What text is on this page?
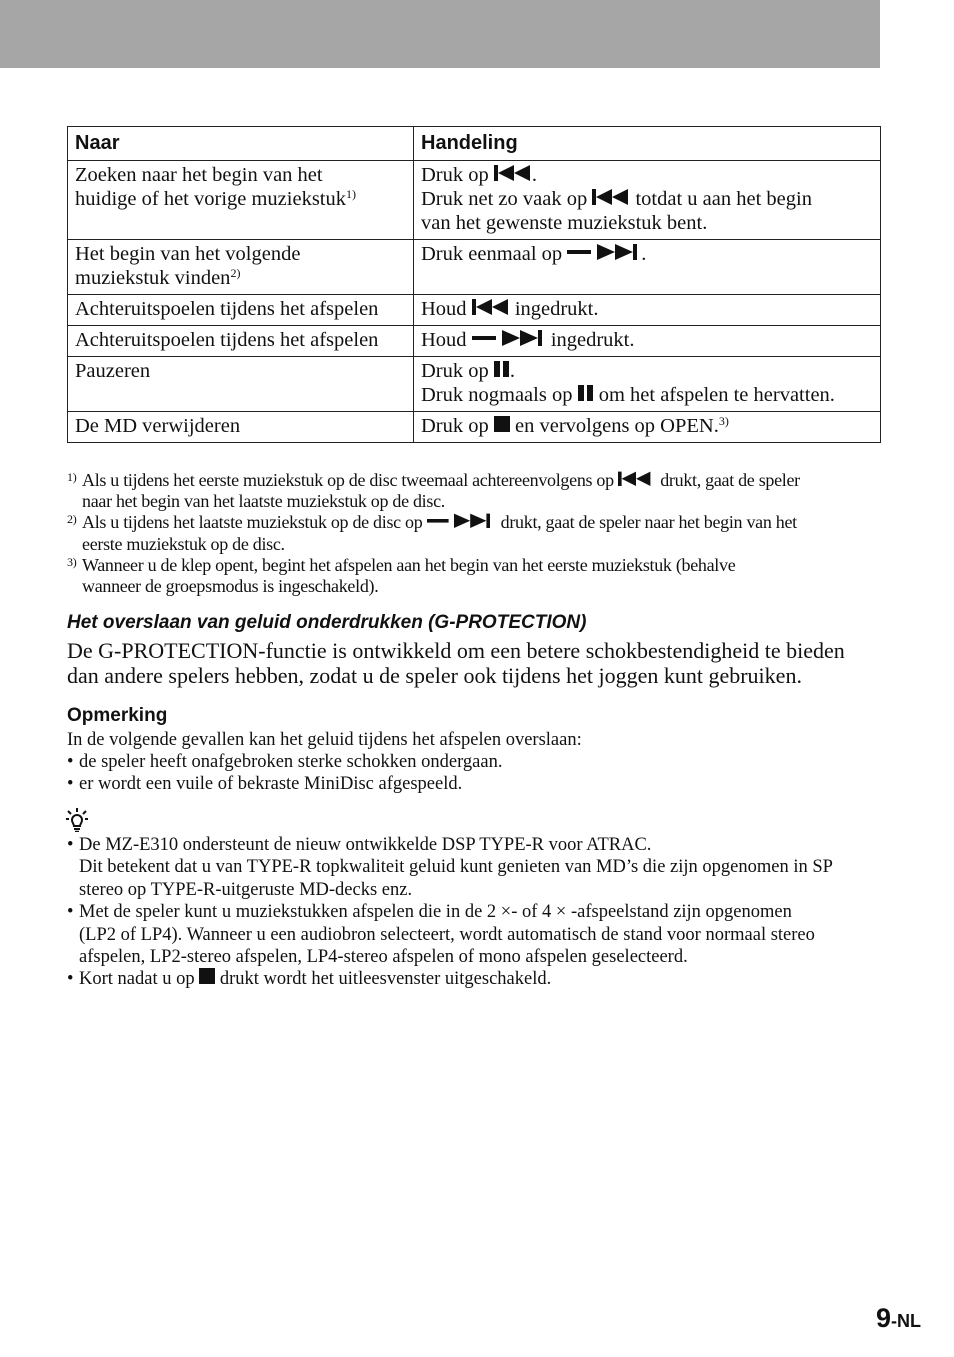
Naar	Handeling

Zoeken naar het begin van het
huidige of het vorige muziekstuk$^{1)}$	Druk op .
Druk net zo vaak op totdat u aan het begin
van het gewenste muziekstuk bent.

Het begin van het volgende
muziekstuk vinden$^{2)}$	Druk eenmaal op .

Achteruitspoelen tijdens het afspelen	Houd ingedrukt.
Achteruitspoelen tijdens het afspelen	Houd ingedrukt.
Pauzeren	Druk op .
Druk nogmaals op om het afspelen te hervatten.

De MD verwijderen	Druk op en vervolgens op OPEN.$^{3)}$
1) Als u tijdens het eerste muziekstuk op de disc tweemaal achtereenvolgens op	drukt, gaat de speler
naar het begin van het laatste muziekstuk op de disc.
2) Als u tijdens het laatste muziekstuk op de disc op	drukt, gaat de speler naar het begin van het
eerste muziekstuk op de disc.
3) Wanneer u de klep opent, begint het afspelen aan het begin van het eerste muziekstuk (behalve
wanneer de groepsmodus is ingeschakeld).
Het overslaan van geluid onderdrukken (G-PROTECTION)
De G-PROTECTION-functie is ontwikkeld om een betere schokbestendigheid te bieden
dan andere spelers hebben, zodat u de speler ook tijdens het joggen kunt gebruiken.
Opmerking
In de volgende gevallen kan het geluid tijdens het afspelen overslaan:
• de speler heeft onafgebroken sterke schokken ondergaan.
• er wordt een vuile of bekraste MiniDisc afgespeeld.
• De MZ-E310 ondersteunt de nieuw ontwikkelde DSP TYPE-R voor ATRAC.
Dit betekent dat u van TYPE-R topkwaliteit geluid kunt genieten van MD’s die zijn opgenomen in SP
stereo op TYPE-R-uitgeruste MD-decks enz.
• Met de speler kunt u muziekstukken afspelen die in de 2 ×- of 4 × -afspeelstand zijn opgenomen
(LP2 of LP4). Wanneer u een audiobron selecteert, wordt automatisch de stand voor normaal stereo
afspelen, LP2-stereo afspelen, LP4-stereo afspelen of mono afspelen geselecteerd.
• Kort nadat u op drukt wordt het uitleesvenster uitgeschakeld.
9-NL
